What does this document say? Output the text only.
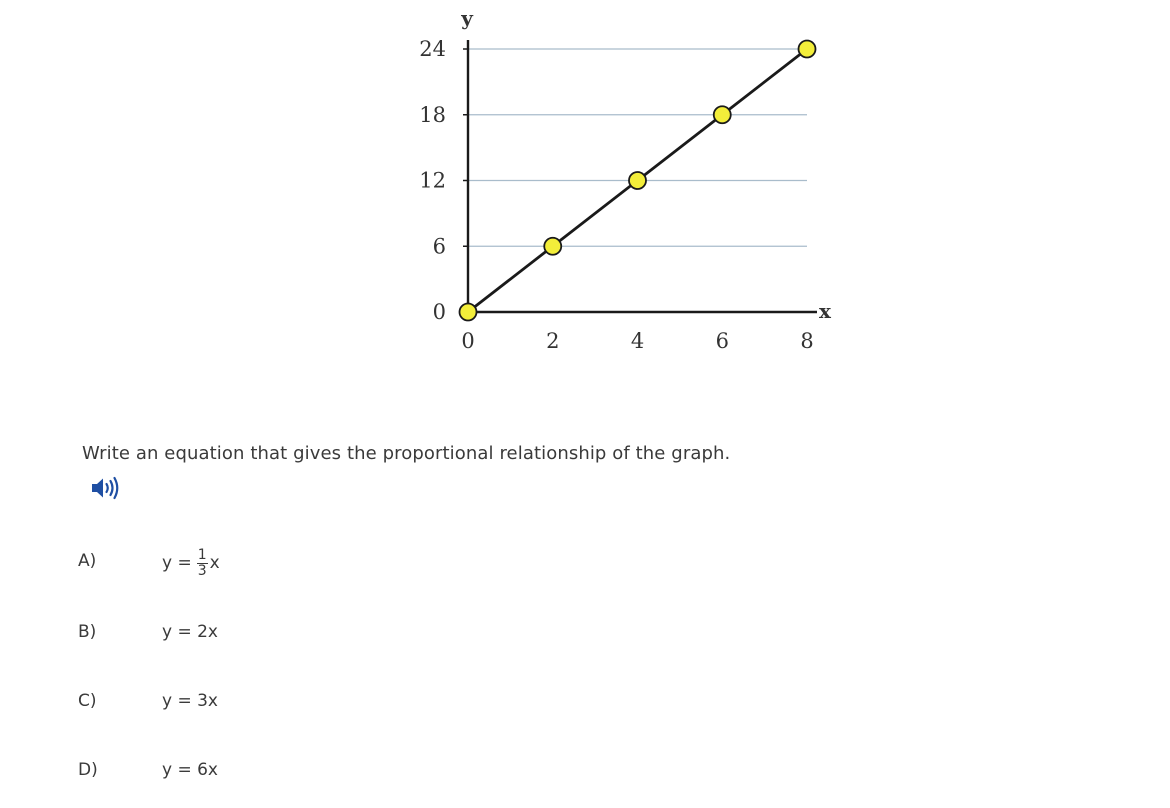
0
6
12
18
24
0	2	4	6	8
y
x
Write an equation that gives the proportional relationship of the graph.
A)	$y = \frac{1}{3}$ x
B)	y = 2x
C)	y = 3x
D)	y = 6x
